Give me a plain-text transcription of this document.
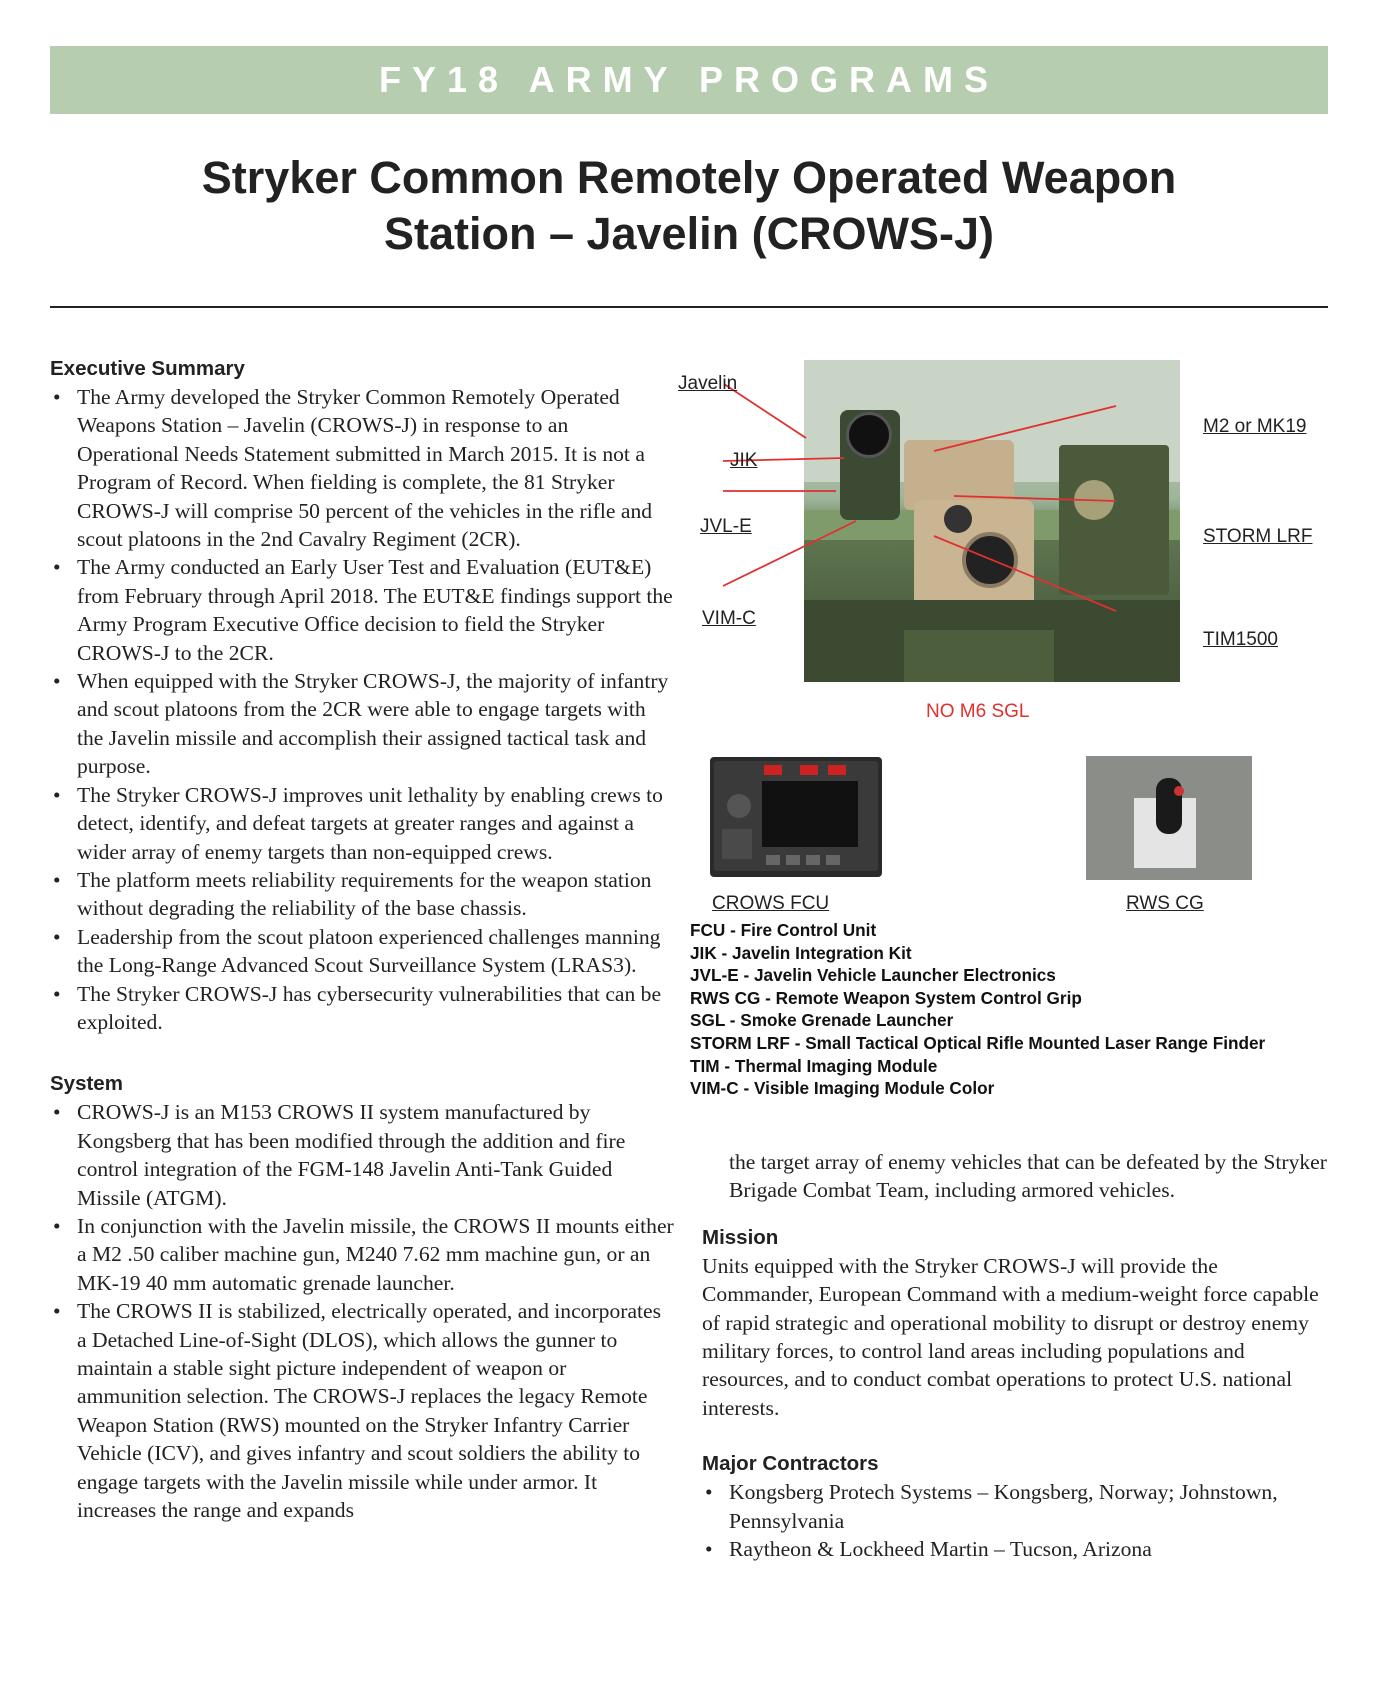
FY18 ARMY PROGRAMS
Stryker Common Remotely Operated Weapon
Station – Javelin (CROWS-J)
Executive Summary
• The Army developed the Stryker Common Remotely Operated Weapons Station – Javelin (CROWS-J) in response to an Operational Needs Statement submitted in March 2015. It is not a Program of Record. When fielding is complete, the 81 Stryker CROWS-J will comprise 50 percent of the vehicles in the rifle and scout platoons in the 2nd Cavalry Regiment (2CR).
• The Army conducted an Early User Test and Evaluation (EUT&E) from February through April 2018. The EUT&E findings support the Army Program Executive Office decision to field the Stryker CROWS-J to the 2CR.
• When equipped with the Stryker CROWS-J, the majority of infantry and scout platoons from the 2CR were able to engage targets with the Javelin missile and accomplish their assigned tactical task and purpose.
• The Stryker CROWS-J improves unit lethality by enabling crews to detect, identify, and defeat targets at greater ranges and against a wider array of enemy targets than non-equipped crews.
• The platform meets reliability requirements for the weapon station without degrading the reliability of the base chassis.
• Leadership from the scout platoon experienced challenges manning the Long-Range Advanced Scout Surveillance System (LRAS3).
• The Stryker CROWS-J has cybersecurity vulnerabilities that can be exploited.
System
• CROWS-J is an M153 CROWS II system manufactured by Kongsberg that has been modified through the addition and fire control integration of the FGM-148 Javelin Anti-Tank Guided Missile (ATGM).
• In conjunction with the Javelin missile, the CROWS II mounts either a M2 .50 caliber machine gun, M240 7.62 mm machine gun, or an MK-19 40 mm automatic grenade launcher.
• The CROWS II is stabilized, electrically operated, and incorporates a Detached Line-of-Sight (DLOS), which allows the gunner to maintain a stable sight picture independent of weapon or ammunition selection. The CROWS-J replaces the legacy Remote Weapon Station (RWS) mounted on the Stryker Infantry Carrier Vehicle (ICV), and gives infantry and scout soldiers the ability to engage targets with the Javelin missile while under armor. It increases the range and expands
Javelin
JIK
JVL-E
VIM-C
M2 or MK19
STORM LRF
TIM1500
NO M6 SGL
CROWS FCU	RWS CG
FCU - Fire Control Unit
JIK - Javelin Integration Kit
JVL-E - Javelin Vehicle Launcher Electronics
RWS CG - Remote Weapon System Control Grip
SGL - Smoke Grenade Launcher
STORM LRF - Small Tactical Optical Rifle Mounted Laser Range Finder
TIM - Thermal Imaging Module
VIM-C - Visible Imaging Module Color

the target array of enemy vehicles that can be defeated by the Stryker Brigade Combat Team, including armored vehicles.

Mission

Units equipped with the Stryker CROWS-J will provide the Commander, European Command with a medium-weight force capable of rapid strategic and operational mobility to disrupt or destroy enemy military forces, to control land areas including populations and resources, and to conduct combat operations to protect U.S. national interests.

Major Contractors
• Kongsberg Protech Systems – Kongsberg, Norway; Johnstown, Pennsylvania
• Raytheon & Lockheed Martin – Tucson, Arizona
